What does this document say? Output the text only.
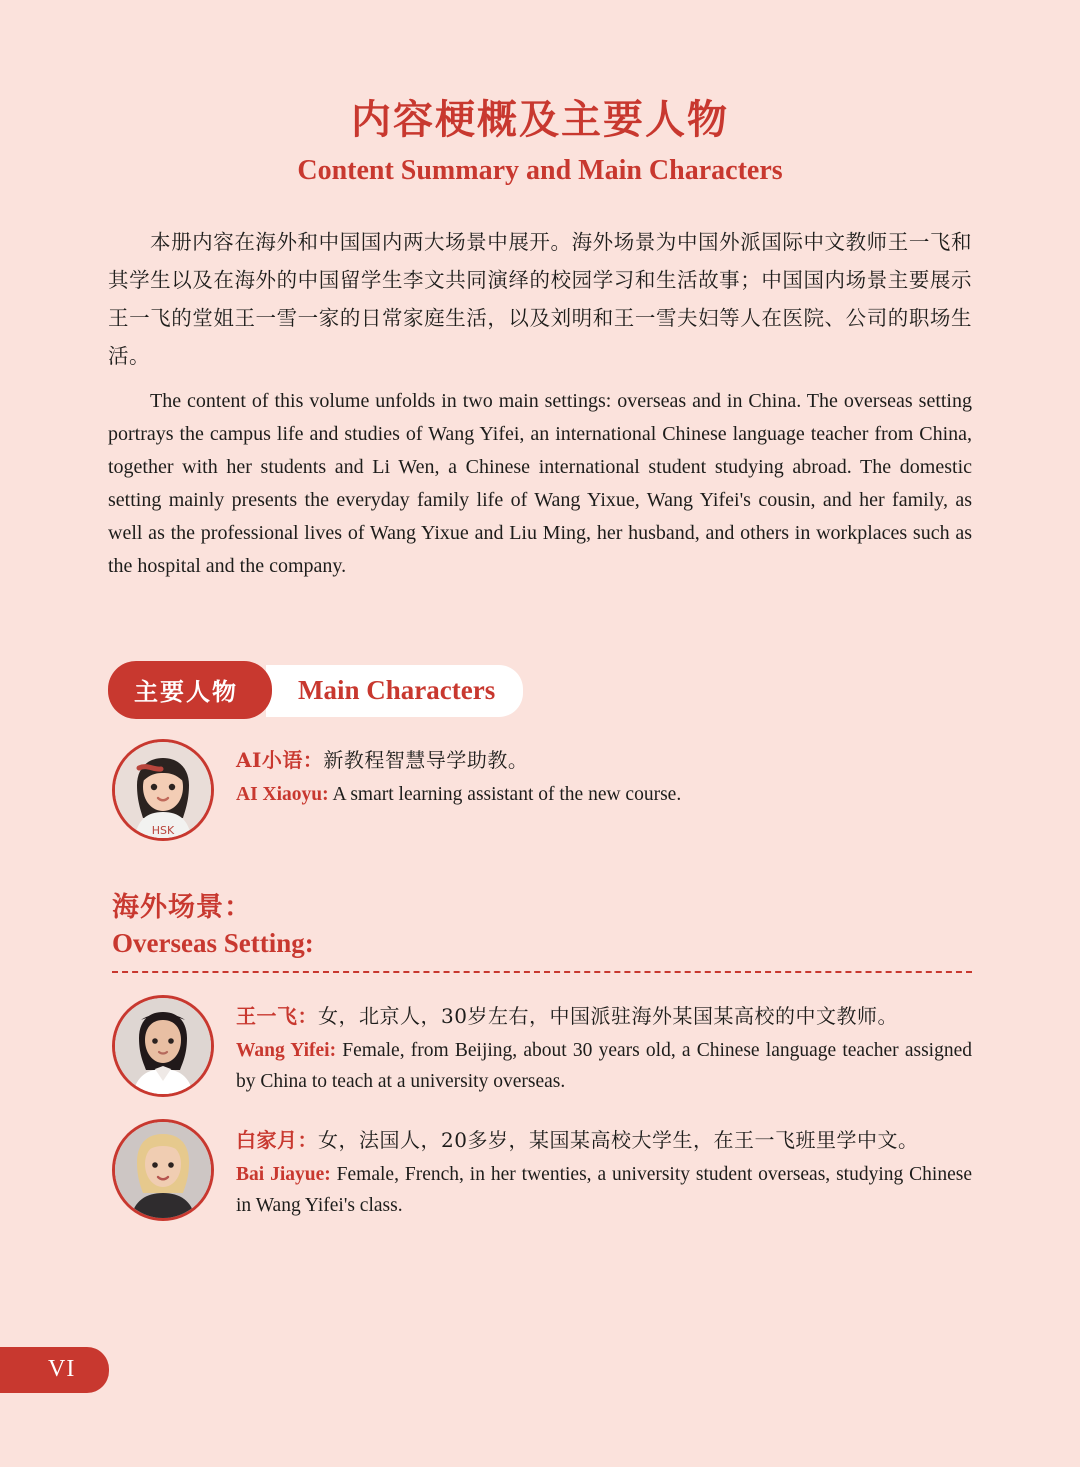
内容梗概及主要人物
Content Summary and Main Characters

本册内容在海外和中国国内两大场景中展开。海外场景为中国外派国际中文教师王一飞和其学生以及在海外的中国留学生李文共同演绎的校园学习和生活故事；中国国内场景主要展示王一飞的堂姐王一雪一家的日常家庭生活，以及刘明和王一雪夫妇等人在医院、公司的职场生活。

The content of this volume unfolds in two main settings: overseas and in China. The overseas setting portrays the campus life and studies of Wang Yifei, an international Chinese language teacher from China, together with her students and Li Wen, a Chinese international student studying abroad. The domestic setting mainly presents the everyday family life of Wang Yixue, Wang Yifei's cousin, and her family, as well as the professional lives of Wang Yixue and Liu Ming, her husband, and others in workplaces such as the hospital and the company.

Main Characters
主要人物
HSK

AI小语：新教程智慧导学助教。

AI Xiaoyu: A smart learning assistant of the new course.

海外场景：

Overseas Setting:

王一飞：女，北京人，30岁左右，中国派驻海外某国某高校的中文教师。

Wang Yifei: Female, from Beijing, about 30 years old, a Chinese language teacher assigned by China to teach at a university overseas.

白家月：女，法国人，20多岁，某国某高校大学生，在王一飞班里学中文。

Bai Jiayue: Female, French, in her twenties, a university student overseas, studying Chinese in Wang Yifei's class.

VI
